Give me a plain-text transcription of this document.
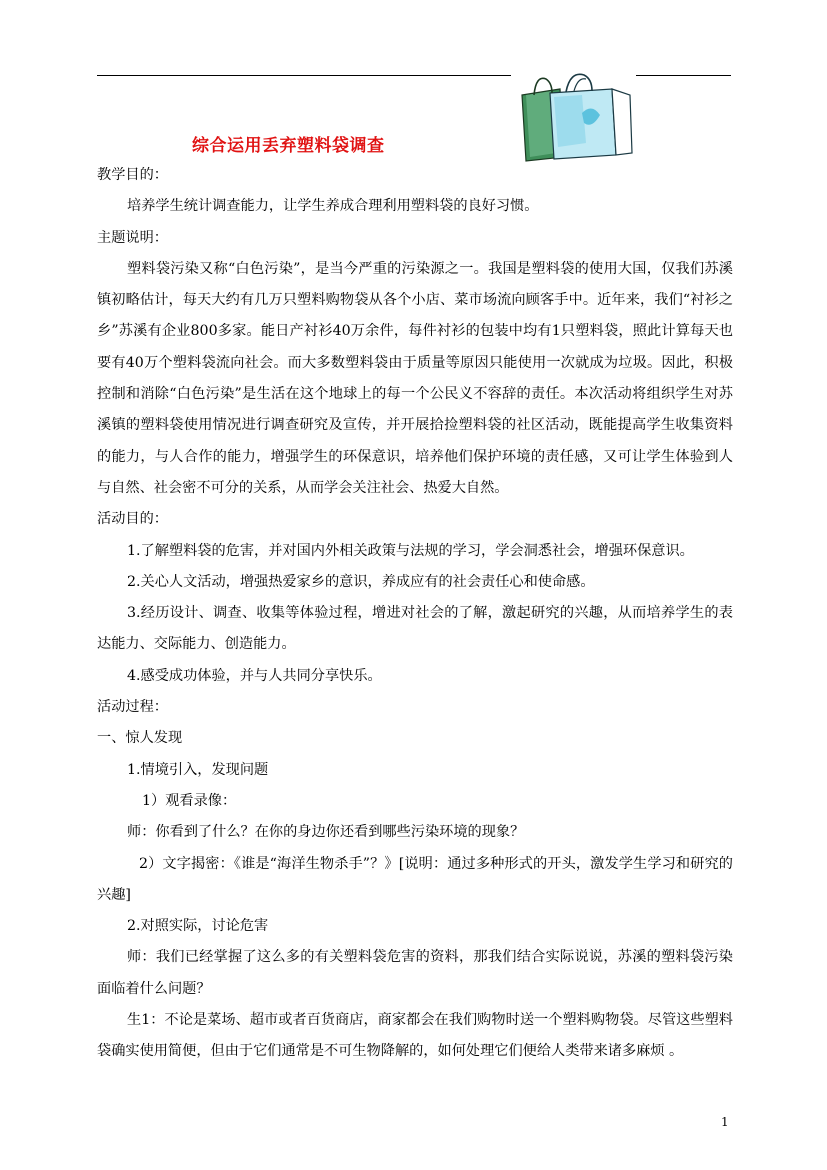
综合运用丢弃塑料袋调查

教学目的：

培养学生统计调查能力，让学生养成合理利用塑料袋的良好习惯。

主题说明：

塑料袋污染又称“白色污染”，是当今严重的污染源之一。我国是塑料袋的使用大国，仅我们苏溪镇初略估计，每天大约有几万只塑料购物袋从各个小店、菜市场流向顾客手中。近年来，我们“衬衫之乡”苏溪有企业800多家。能日产衬衫40万余件，每件衬衫的包装中均有1只塑料袋，照此计算每天也要有40万个塑料袋流向社会。而大多数塑料袋由于质量等原因只能使用一次就成为垃圾。因此，积极控制和消除“白色污染”是生活在这个地球上的每一个公民义不容辞的责任。本次活动将组织学生对苏溪镇的塑料袋使用情况进行调查研究及宣传，并开展拾捡塑料袋的社区活动，既能提高学生收集资料的能力，与人合作的能力，增强学生的环保意识，培养他们保护环境的责任感，又可让学生体验到人与自然、社会密不可分的关系，从而学会关注社会、热爱大自然。

活动目的：

1.了解塑料袋的危害，并对国内外相关政策与法规的学习，学会洞悉社会，增强环保意识。

2.关心人文活动，增强热爱家乡的意识，养成应有的社会责任心和使命感。

3.经历设计、调查、收集等体验过程，增进对社会的了解，激起研究的兴趣，从而培养学生的表达能力、交际能力、创造能力。

4.感受成功体验，并与人共同分享快乐。

活动过程：

一、惊人发现

1.情境引入，发现问题

1）观看录像：

师：你看到了什么？在你的身边你还看到哪些污染环境的现象？

2）文字揭密：《谁是“海洋生物杀手”？》[说明：通过多种形式的开头，激发学生学习和研究的兴趣]

2.对照实际，讨论危害

师：我们已经掌握了这么多的有关塑料袋危害的资料，那我们结合实际说说，苏溪的塑料袋污染面临着什么问题？

生1：不论是菜场、超市或者百货商店，商家都会在我们购物时送一个塑料购物袋。尽管这些塑料袋确实使用简便，但由于它们通常是不可生物降解的，如何处理它们便给人类带来诸多麻烦 。

1
